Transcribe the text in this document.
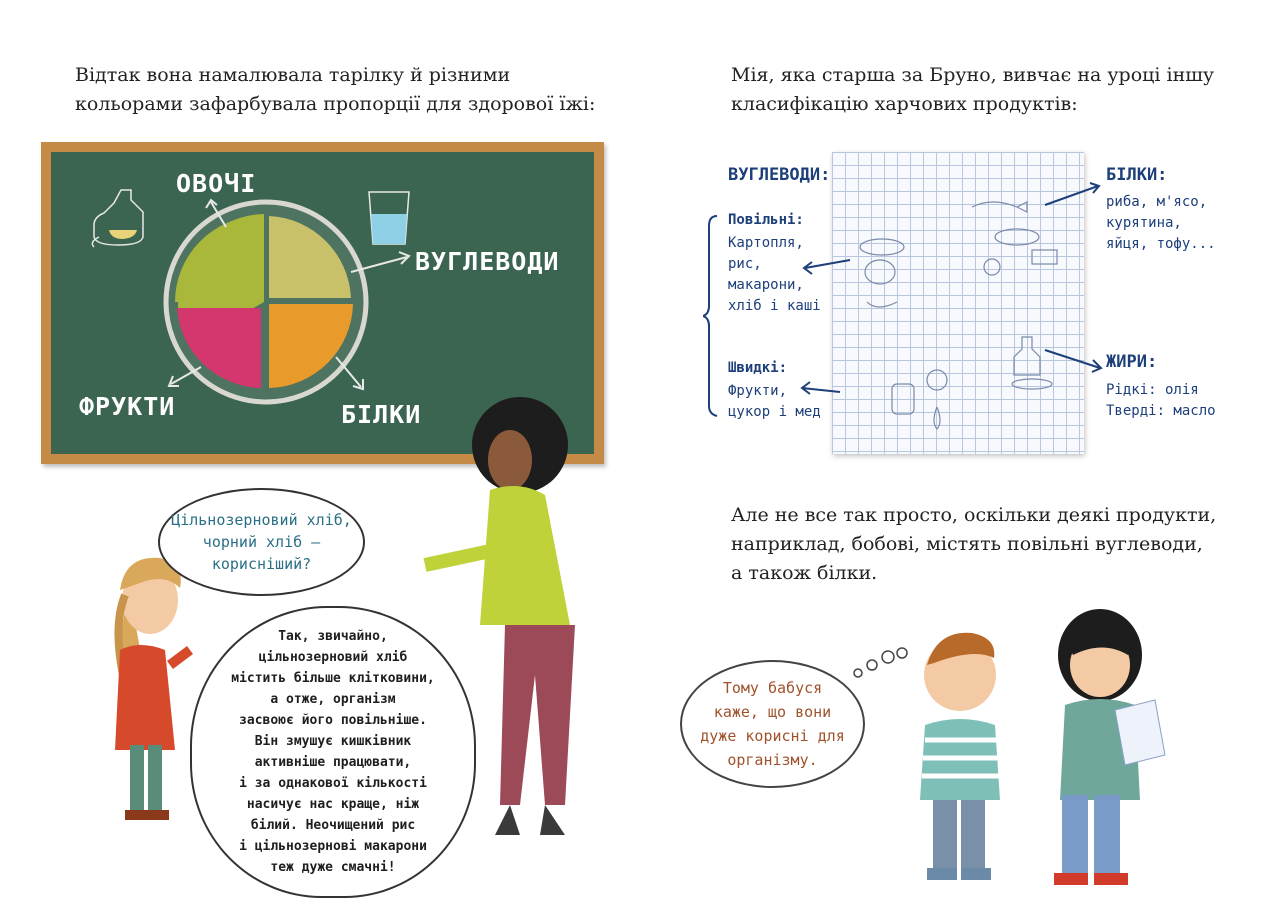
Відтак вона намалювала тарілку й різними
кольорами зафарбувала пропорції для здорової їжі:
ОВОЧІ
ВУГЛЕВОДИ
ФРУКТИ	БІЛКИ
Цільнозерновий хліб,
чорний хліб —
корисніший?
Так, звичайно,
цільнозерновий хліб
містить більше клітковини,
а отже, організм
засвоює його повільніше.
Він змушує кишківник
активніше працювати,
і за однакової кількості
насичує нас краще, ніж
білий. Неочищений рис
і цільнозернові макарони
теж дуже смачні!
Мія, яка старша за Бруно, вивчає на уроці іншу
класифікацію харчових продуктів:
ВУГЛЕВОДИ:
Повільні:
Картопля,
рис,
макарони,
хліб і каші
Швидкі:
Фрукти,
цукор і мед
БІЛКИ:
риба, м'ясо,
курятина,
яйця, тофу...
ЖИРИ:
Рідкі: олія
Тверді: масло
Але не все так просто, оскільки деякі продукти,
наприклад, бобові, містять повільні вуглеводи,
а також білки.
Тому бабуся
каже, що вони
дуже корисні для
організму.
